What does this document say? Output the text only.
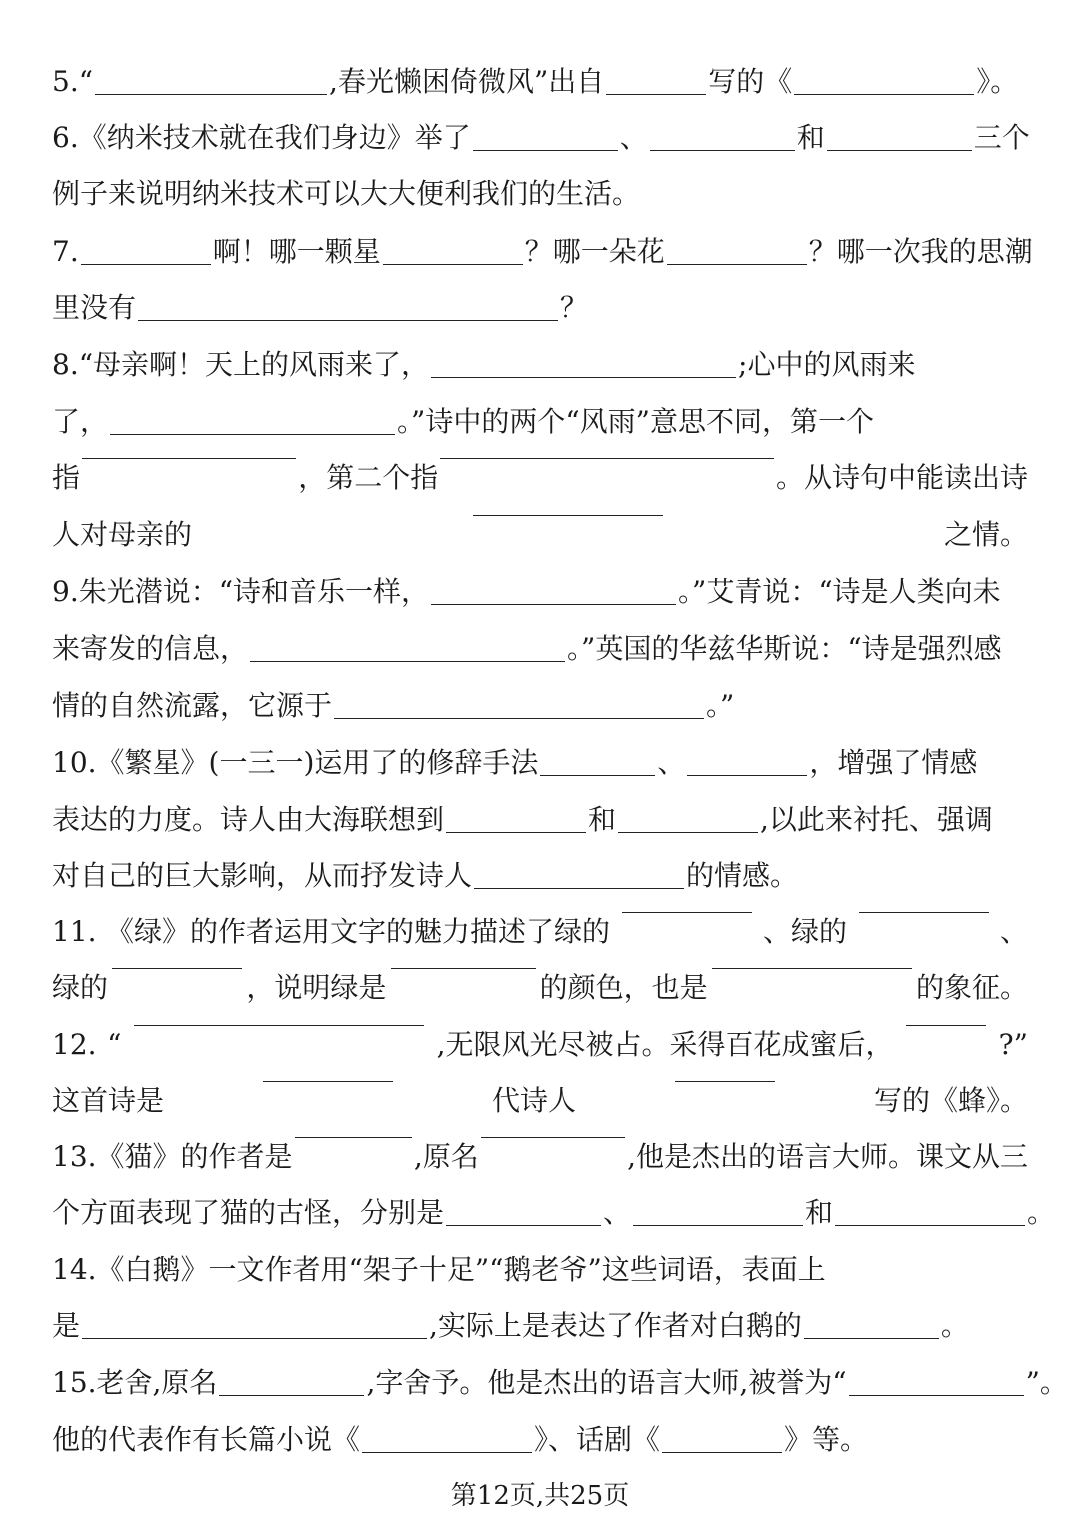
5.“	,春光懒困倚微风”出自	写的《	》。
6.《纳米技术就在我们身边》举了	、	和	三个
例子来说明纳米技术可以大大便利我们的生活。
7.	啊！哪一颗星	？哪一朵花	？哪一次我的思潮
里没有	？
8.“母亲啊！天上的风雨来了，	;心中的风雨来
了，	。”诗中的两个“风雨”意思不同，第一个
指	，第二个指	。从诗句中能读出诗
人对母亲的	之情。
9.朱光潜说：“诗和音乐一样，	。”艾青说：“诗是人类向未
来寄发的信息，	。”英国的华兹华斯说：“诗是强烈感
情的自然流露，它源于	。”
10.《繁星》(一三一)运用了的修辞手法	、	，增强了情感
表达的力度。诗人由大海联想到	和	,以此来衬托、强调
对自己的巨大影响，从而抒发诗人	的情感。
11. 《绿》的作者运用文字的魅力描述了绿的	、绿的	、
绿的	，说明绿是	的颜色，也是	的象征。
12. “	,无限风光尽被占。采得百花成蜜后，	?”
这首诗是	代诗人	写的《蜂》。
13. 《猫》的作者是	,原名	,他是杰出的语言大师。课文从三
个方面表现了猫的古怪，分别是	、	和	。
14.《白鹅》一文作者用“架子十足”“鹅老爷”这些词语，表面上
是	,实际上是表达了作者对白鹅的	。
15.老舍,原名	,字舍予。他是杰出的语言大师,被誉为“	”。
他的代表作有长篇小说《	》、话剧《	》等。
第12页,共25页
